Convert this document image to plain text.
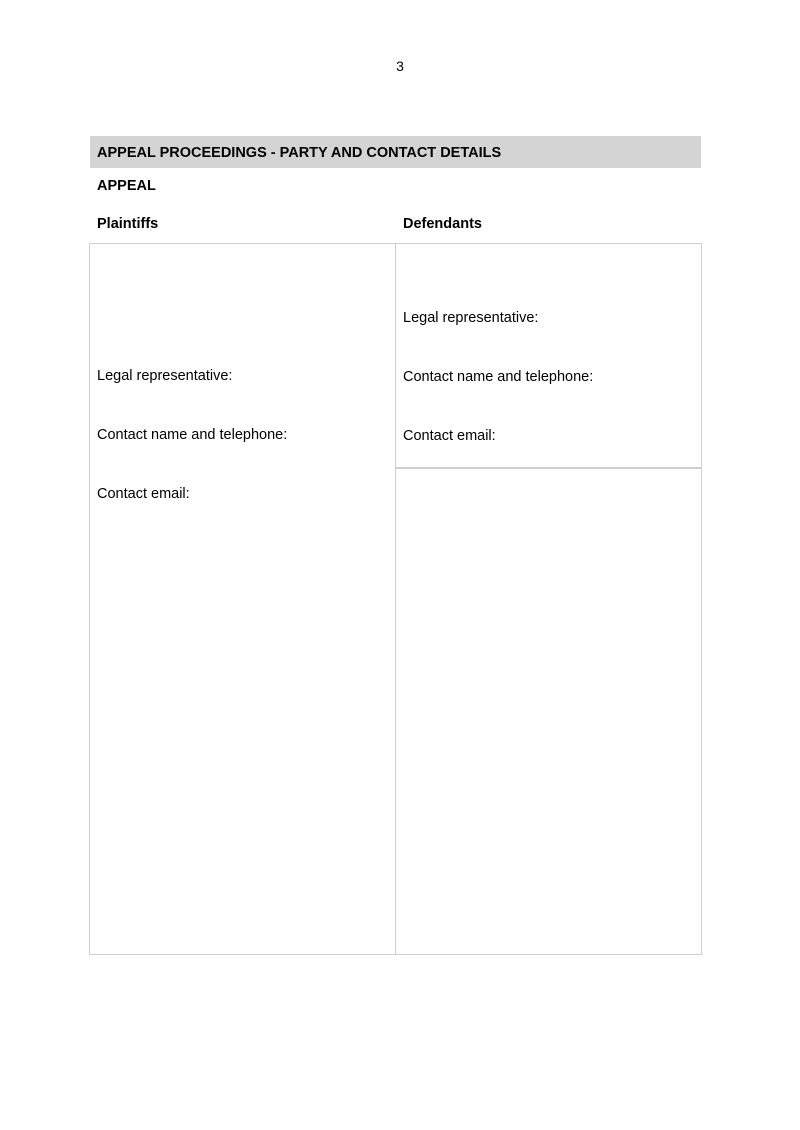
3
APPEAL PROCEEDINGS - PARTY AND CONTACT DETAILS
APPEAL
Plaintiffs	Defendants
Legal representative:
Contact name and telephone:
Contact email:
Legal representative:
Contact name and telephone:
Contact email:
